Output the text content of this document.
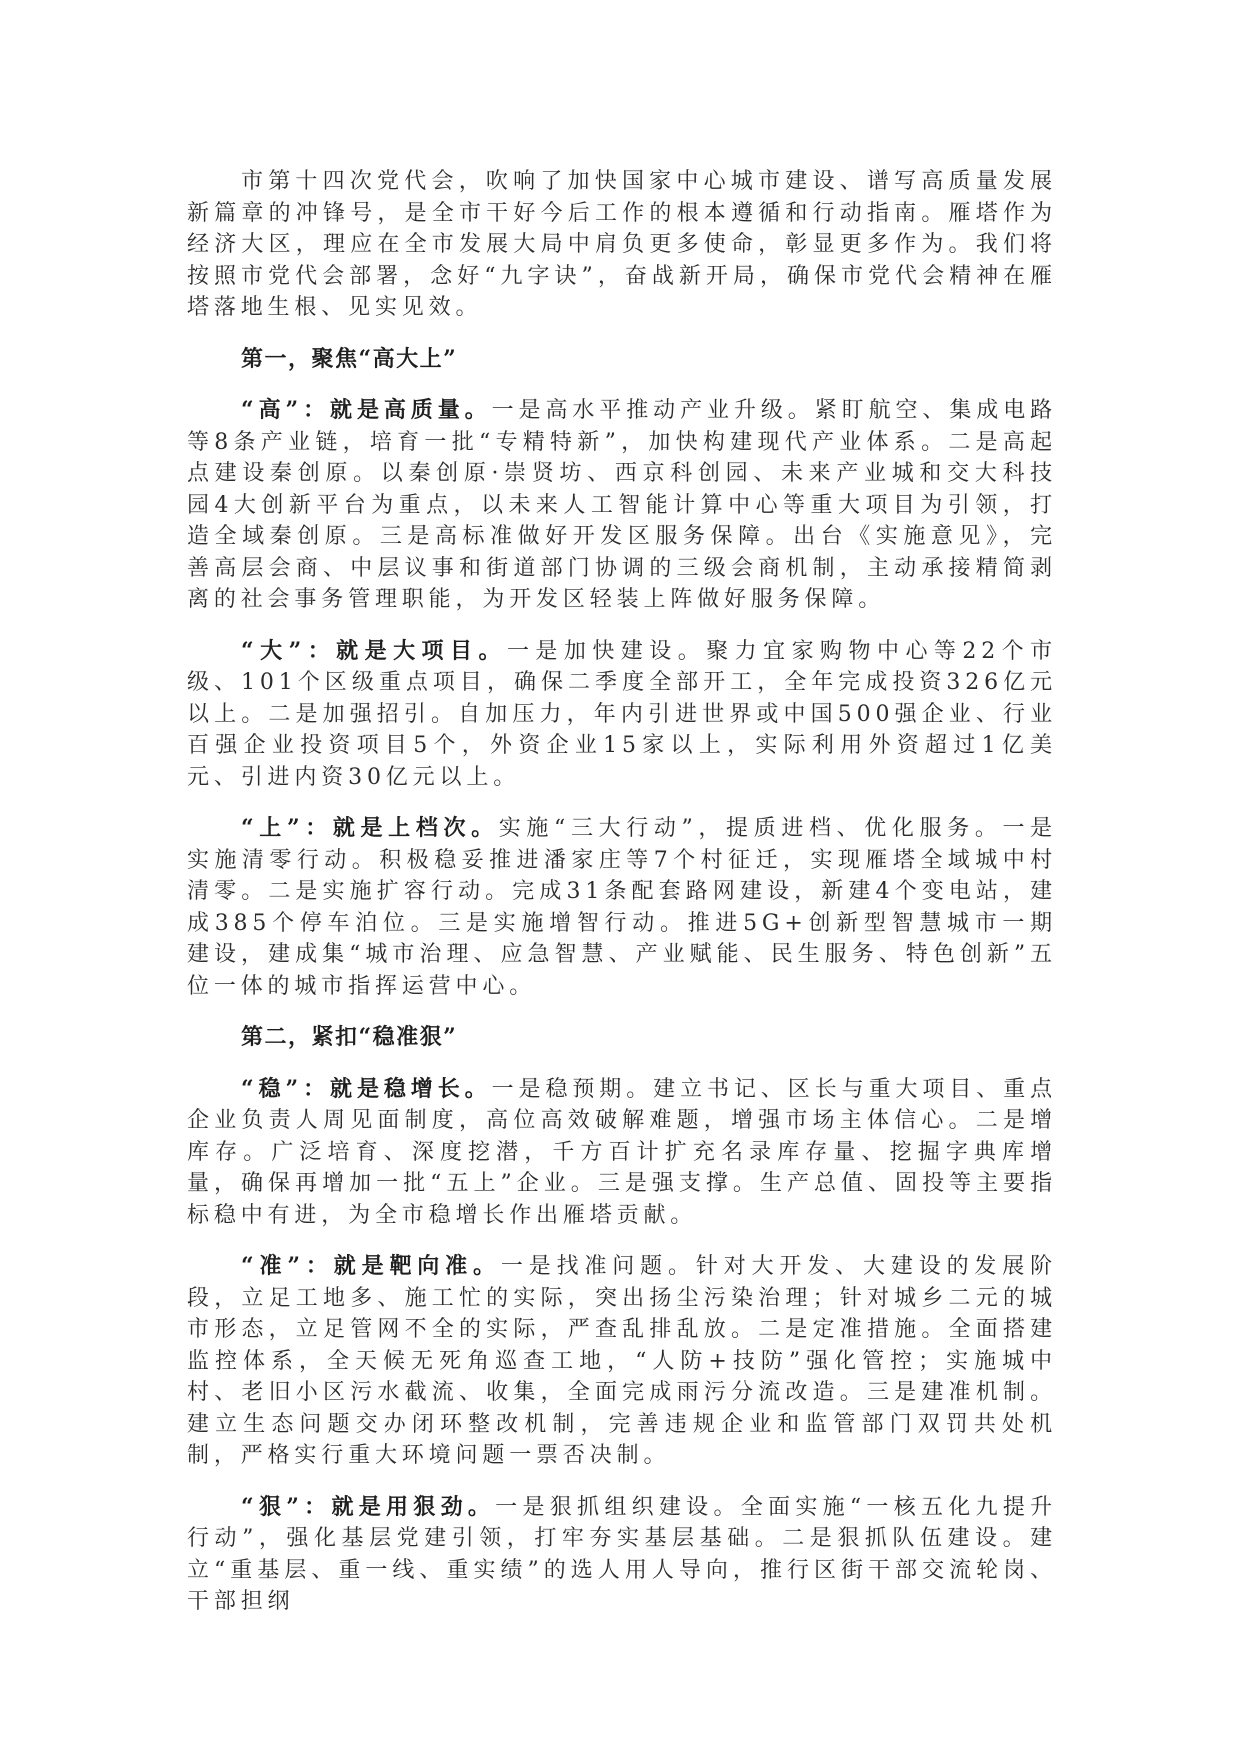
市第十四次党代会，吹响了加快国家中心城市建设、谱写高质量发展新篇章的冲锋号，是全市干好今后工作的根本遵循和行动指南。雁塔作为经济大区，理应在全市发展大局中肩负更多使命，彰显更多作为。我们将按照市党代会部署，念好“九字诀”，奋战新开局，确保市党代会精神在雁塔落地生根、见实见效。

第一，聚焦“高大上”

“高”：就是高质量。一是高水平推动产业升级。紧盯航空、集成电路等8条产业链，培育一批“专精特新”，加快构建现代产业体系。二是高起点建设秦创原。以秦创原·崇贤坊、西京科创园、未来产业城和交大科技园4大创新平台为重点，以未来人工智能计算中心等重大项目为引领，打造全域秦创原。三是高标准做好开发区服务保障。出台《实施意见》，完善高层会商、中层议事和街道部门协调的三级会商机制，主动承接精简剥离的社会事务管理职能，为开发区轻装上阵做好服务保障。

“大”：就是大项目。一是加快建设。聚力宜家购物中心等22个市级、101个区级重点项目，确保二季度全部开工，全年完成投资326亿元以上。二是加强招引。自加压力，年内引进世界或中国500强企业、行业百强企业投资项目5个，外资企业15家以上，实际利用外资超过1亿美元、引进内资30亿元以上。

“上”：就是上档次。实施“三大行动”，提质进档、优化服务。一是实施清零行动。积极稳妥推进潘家庄等7个村征迁，实现雁塔全域城中村清零。二是实施扩容行动。完成31条配套路网建设，新建4个变电站，建成385个停车泊位。三是实施增智行动。推进5G+创新型智慧城市一期建设，建成集“城市治理、应急智慧、产业赋能、民生服务、特色创新”五位一体的城市指挥运营中心。

第二，紧扣“稳准狠”

“稳”：就是稳增长。一是稳预期。建立书记、区长与重大项目、重点企业负责人周见面制度，高位高效破解难题，增强市场主体信心。二是增库存。广泛培育、深度挖潜，千方百计扩充名录库存量、挖掘字典库增量，确保再增加一批“五上”企业。三是强支撑。生产总值、固投等主要指标稳中有进，为全市稳增长作出雁塔贡献。

“准”：就是靶向准。一是找准问题。针对大开发、大建设的发展阶段，立足工地多、施工忙的实际，突出扬尘污染治理；针对城乡二元的城市形态，立足管网不全的实际，严查乱排乱放。二是定准措施。全面搭建监控体系，全天候无死角巡查工地，“人防+技防”强化管控；实施城中村、老旧小区污水截流、收集，全面完成雨污分流改造。三是建准机制。建立生态问题交办闭环整改机制，完善违规企业和监管部门双罚共处机制，严格实行重大环境问题一票否决制。

“狠”：就是用狠劲。一是狠抓组织建设。全面实施“一核五化九提升行动”，强化基层党建引领，打牢夯实基层基础。二是狠抓队伍建设。建立“重基层、重一线、重实绩”的选人用人导向，推行区街干部交流轮岗、干部担纲
